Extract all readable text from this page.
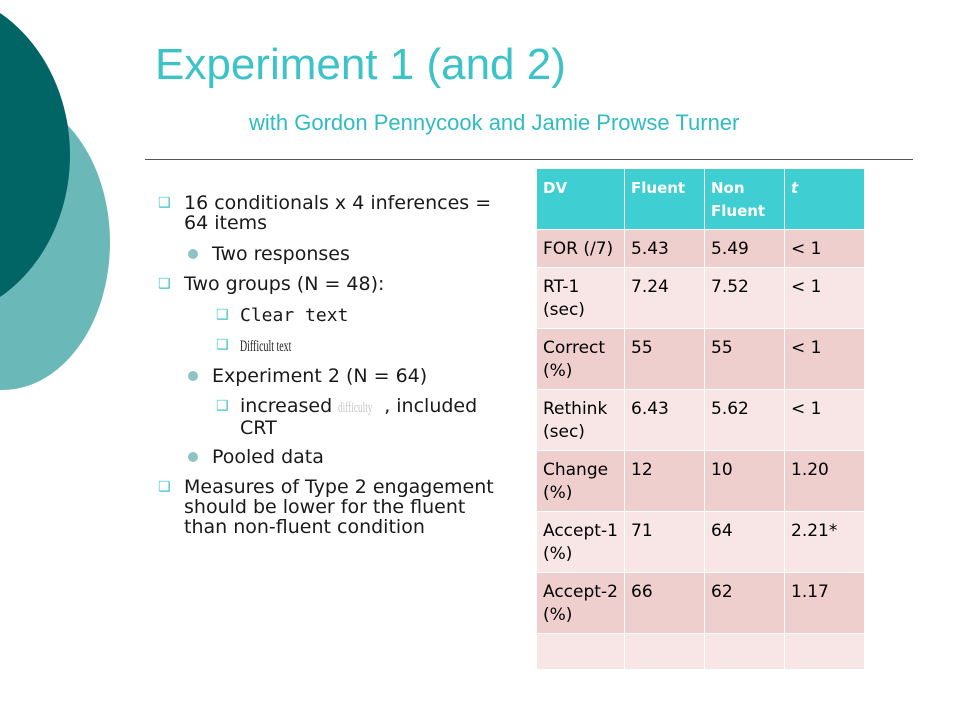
Experiment 1 (and 2)
with Gordon Pennycook and Jamie Prowse Turner
❑ 16 conditionals x 4 inferences = 64 items
Two responses
❑ Two groups (N = 48):
❑ Clear text
❑ Difficult text
Experiment 2 (N = 64)
❑ increased difficulty , included CRT
Pooled data
❑ Measures of Type 2 engagement should be lower for the fluent than non-fluent condition
DV	Fluent	Non Fluent	t
FOR (/7)	5.43	5.49	< 1
RT-1 (sec)	7.24	7.52	< 1
Correct (%)	55	55	< 1
Rethink (sec)	6.43	5.62	< 1
Change (%)	12	10	1.20
Accept-1 (%)	71	64	2.21*
Accept-2 (%)	66	62	1.17
